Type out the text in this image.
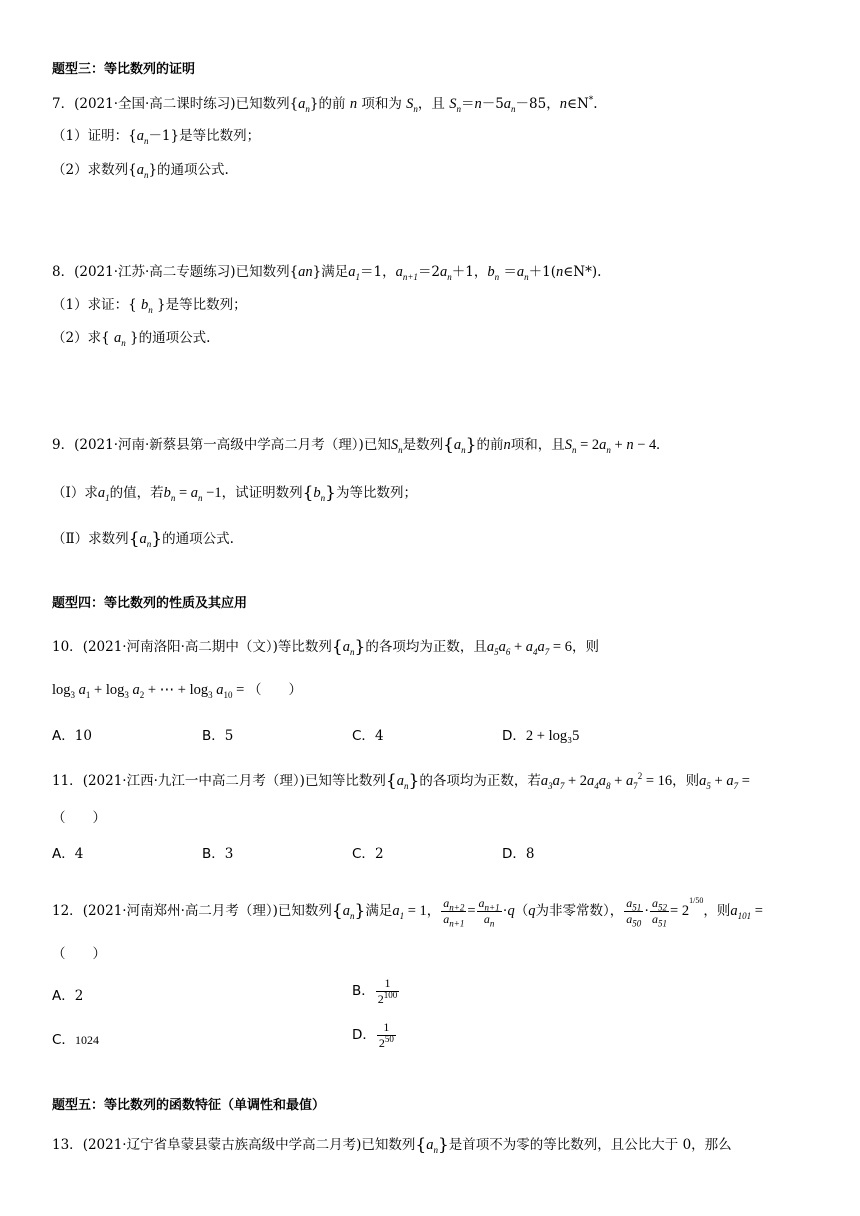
题型三：等比数列的证明
7．(2021·全国·高二课时练习)已知数列$\{a_n\}$的前 n 项和为 $S_n$，且 $S_n=n-5a_n-85$，n∈N*.
（1）证明：$\{a_n-1\}$是等比数列；
（2）求数列$\{a_n\}$的通项公式.
8．(2021·江苏·高二专题练习)已知数列{an}满足$a_1=1$，$a_{n+1}=2a_n+1$，$b_n$ $=a_n+1(n\in N*)$.
（1）求证：{ $b_n$ }是等比数列；
（2）求{ $a_n$ }的通项公式.
9．(2021·河南·新蔡县第一高级中学高二月考（理）)已知$S_n$是数列$\{a_n\}$的前n项和，且$S_n = 2a_n + n - 4$.
（Ⅰ）求$a_1$的值，若$b_n = a_n -1$，试证明数列$\{b_n\}$为等比数列；
（Ⅱ）求数列$\{a_n\}$的通项公式.
题型四：等比数列的性质及其应用
10．(2021·河南洛阳·高二期中（文）)等比数列$\{a_n\}$的各项均为正数，且$a_5a_6 + a_4a_7 = 6$，则
$\log_3 a_1 + \log_3 a_2$ + ⋯ + $\log_3 a_{10}$ = （　　）
A．10	B．5	C．4	D．2 + log₃5
11．(2021·江西·九江一中高二月考（理）)已知等比数列$\{a_n\}$的各项均为正数，若$a_3a_7 + 2a_4a_8 + a_7^2 = 16$，则$a_5 + a_7$ =
（　　）
A．4	B．3	C．2	D．8
12．(2021·河南郑州·高二月考（理）)已知数列$\{a_n\}$满足$a_1 = 1$， $\frac{a_{n+2}}{a_{n+1}} = \frac{a_{n+1}}{a_n} \cdot q(q$为非零常数）， $\frac{a_{51}}{a_{50}} \cdot \frac{a_{52}}{a_{51}} = 2^{1/50}$，则$a_{101}$ =
（　　）
A．2	B． $\frac{1}{2^{100}}$
C．1024	D． $\frac{1}{2^{50}}$
题型五：等比数列的函数特征（单调性和最值）
13．(2021·辽宁省阜蒙县蒙古族高级中学高二月考)已知数列$\{a_n\}$是首项不为零的等比数列，且公比大于 0，那么
